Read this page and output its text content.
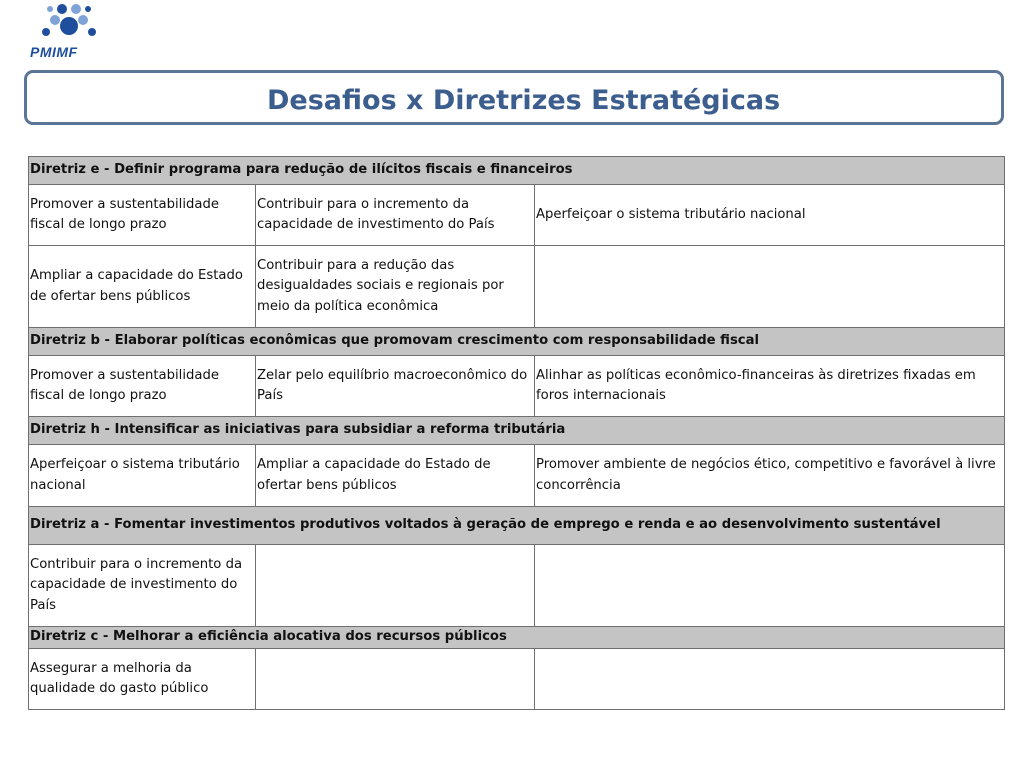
PMIMF
Desafios x Diretrizes Estratégicas
Diretriz e - Definir programa para redução de ilícitos fiscais e financeiros		
Promover a sustentabilidade fiscal de longo prazo	Contribuir para o incremento da capacidade de investimento do País	Aperfeiçoar o sistema tributário nacional
Ampliar a capacidade do Estado de ofertar bens públicos	Contribuir para a redução das desigualdades sociais e regionais por meio da política econômica	
Diretriz b - Elaborar políticas econômicas que promovam crescimento com responsabilidade fiscal		
Promover a sustentabilidade fiscal de longo prazo	Zelar pelo equilíbrio macroeconômico do País	Alinhar as políticas econômico-financeiras às diretrizes fixadas em foros internacionais
Diretriz h - Intensificar as iniciativas para subsidiar a reforma tributária		
Aperfeiçoar o sistema tributário nacional	Ampliar a capacidade do Estado de ofertar bens públicos	Promover ambiente de negócios ético, competitivo e favorável à livre concorrência
Diretriz a - Fomentar investimentos produtivos voltados à geração de emprego e renda e ao desenvolvimento sustentável		
Contribuir para o incremento da capacidade de investimento do País		
Diretriz c - Melhorar a eficiência alocativa dos recursos públicos		
Assegurar a melhoria da qualidade do gasto público		
